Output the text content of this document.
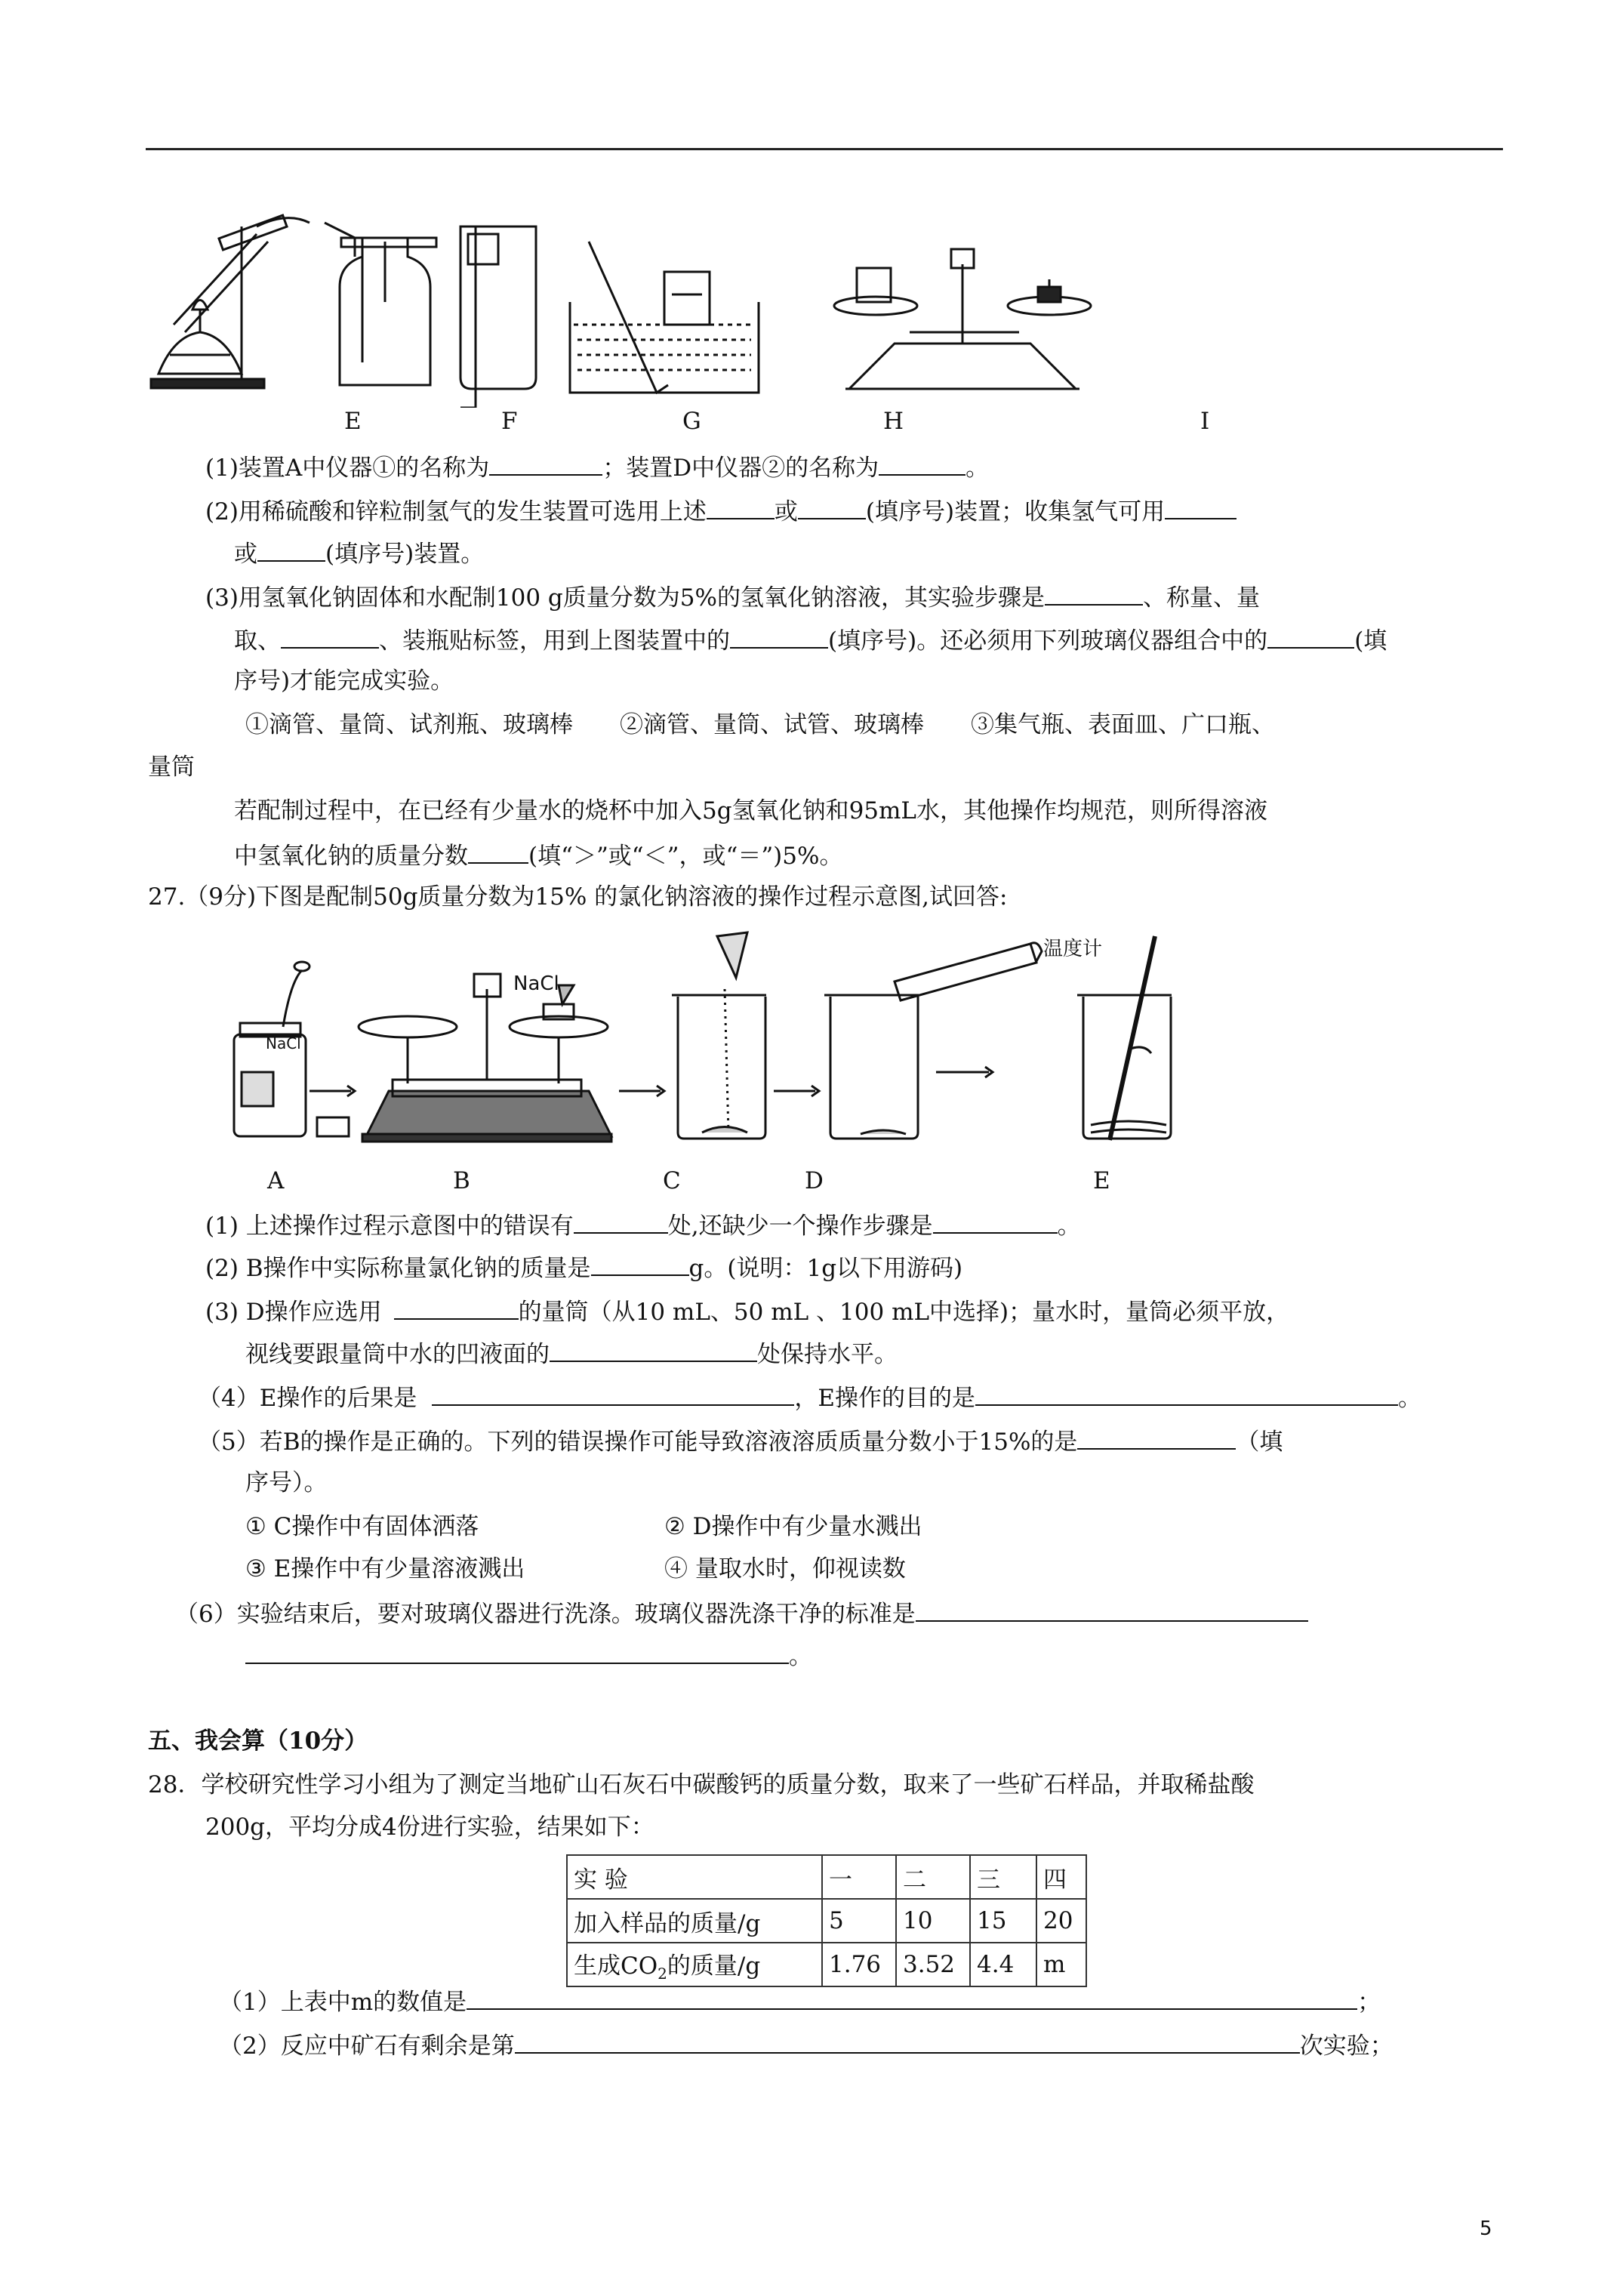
E	F	G	H	I
(1)装置A中仪器①的名称为	；装置D中仪器②的名称为	。
(2)用稀硫酸和锌粒制氢气的发生装置可选用上述	或	(填序号)装置；收集氢气可用
或	(填序号)装置。
(3)用氢氧化钠固体和水配制100 g质量分数为5%的氢氧化钠溶液，其实验步骤是	、称量、量
取、	、装瓶贴标签，用到上图装置中的	(填序号)。还必须用下列玻璃仪器组合中的	(填
序号)才能完成实验。
①滴管、量筒、试剂瓶、玻璃棒　　②滴管、量筒、试管、玻璃棒　　③集气瓶、表面皿、广口瓶、
量筒
若配制过程中，在已经有少量水的烧杯中加入5g氢氧化钠和95mL水，其他操作均规范，则所得溶液
中氢氧化钠的质量分数	(填“＞”或“＜”，或“＝”)5%。
27.（9分)下图是配制50g质量分数为15% 的氯化钠溶液的操作过程示意图,试回答:
NaCl
NaCl
温度计
A	B	C	D	E
(1) 上述操作过程示意图中的错误有	处,还缺少一个操作步骤是	。
(2) B操作中实际称量氯化钠的质量是	g。(说明：1g以下用游码)
(3) D操作应选用	的量筒（从10 mL、50 mL 、100 mL中选择)；量水时，量筒必须平放，
视线要跟量筒中水的凹液面的	处保持水平。
（4）E操作的后果是	，E操作的目的是	。
（5）若B的操作是正确的。下列的错误操作可能导致溶液溶质质量分数小于15%的是	（填
序号）。
① C操作中有固体洒落	② D操作中有少量水溅出
③ E操作中有少量溶液溅出	④ 量取水时，仰视读数
（6）实验结束后，要对玻璃仪器进行洗涤。玻璃仪器洗涤干净的标准是
。
五、我会算（10分）
28．学校研究性学习小组为了测定当地矿山石灰石中碳酸钙的质量分数，取来了一些矿石样品，并取稀盐酸
200g，平均分成4份进行实验，结果如下：
实 验	一	二	三	四
加入样品的质量/g	5	10	15	20
生成$CO_2$的质量/g	1.76	3.52	4.4	m
（1）上表中m的数值是	；
（2）反应中矿石有剩余是第	次实验；
5
